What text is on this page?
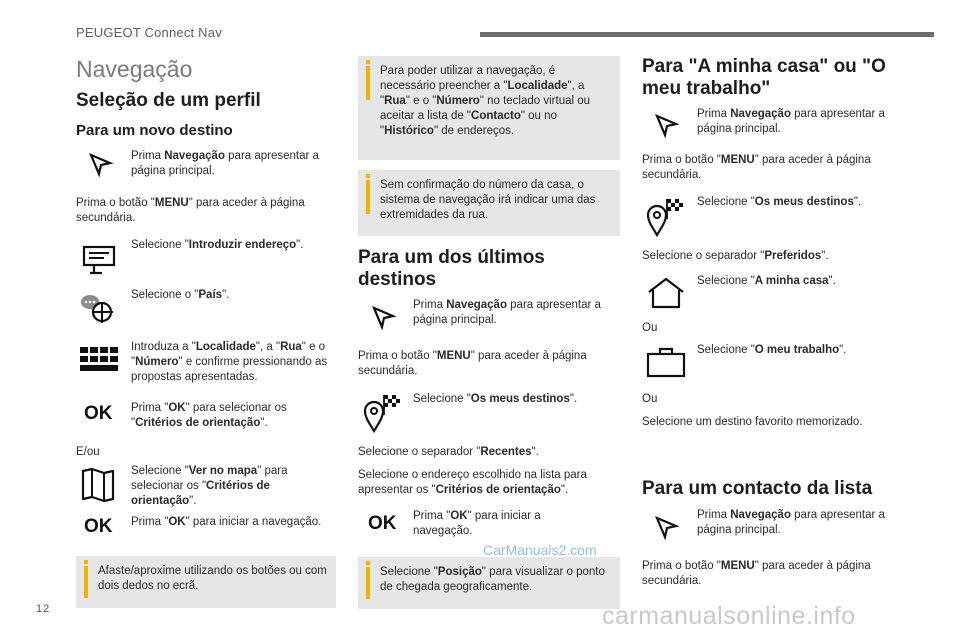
PEUGEOT Connect Nav
Navegação
Seleção de um perfil
Para um novo destino
Prima Navegação para apresentar a página principal.
Prima o botão "MENU" para aceder à página secundária.
Selecione "Introduzir endereço".
Selecione o "País".
Introduza a "Localidade", a "Rua" e o "Número" e confirme pressionando as propostas apresentadas.
OK Prima "OK" para selecionar os "Critérios de orientação".
E/ou
Selecione "Ver no mapa" para selecionar os "Critérios de orientação".
OK Prima "OK" para iniciar a navegação.
Afaste/aproxime utilizando os botões ou com dois dedos no ecrã.
Para poder utilizar a navegação, é necessário preencher a "Localidade", a "Rua" e o "Número" no teclado virtual ou aceitar a lista de "Contacto" ou no "Histórico" de endereços.
Sem confirmação do número da casa, o sistema de navegação irá indicar uma das extremidades da rua.
Para um dos últimos destinos
Prima Navegação para apresentar a página principal.
Prima o botão "MENU" para aceder à página secundária.
Selecione "Os meus destinos".
Selecione o separador "Recentes".
Selecione o endereço escolhido na lista para apresentar os "Critérios de orientação".
OK Prima "OK" para iniciar a navegação.
Selecione "Posição" para visualizar o ponto de chegada geograficamente.
Para "A minha casa" ou "O meu trabalho"
Prima Navegação para apresentar a página principal.
Prima o botão "MENU" para aceder à página secundária.
Selecione "Os meus destinos".
Selecione o separador "Preferidos".
Selecione "A minha casa".
Ou
Selecione "O meu trabalho".
Ou
Selecione um destino favorito memorizado.
Para um contacto da lista
Prima Navegação para apresentar a página principal.
Prima o botão "MENU" para aceder à página secundária.
12
CarManuals2.com
carmanualsonline.info
